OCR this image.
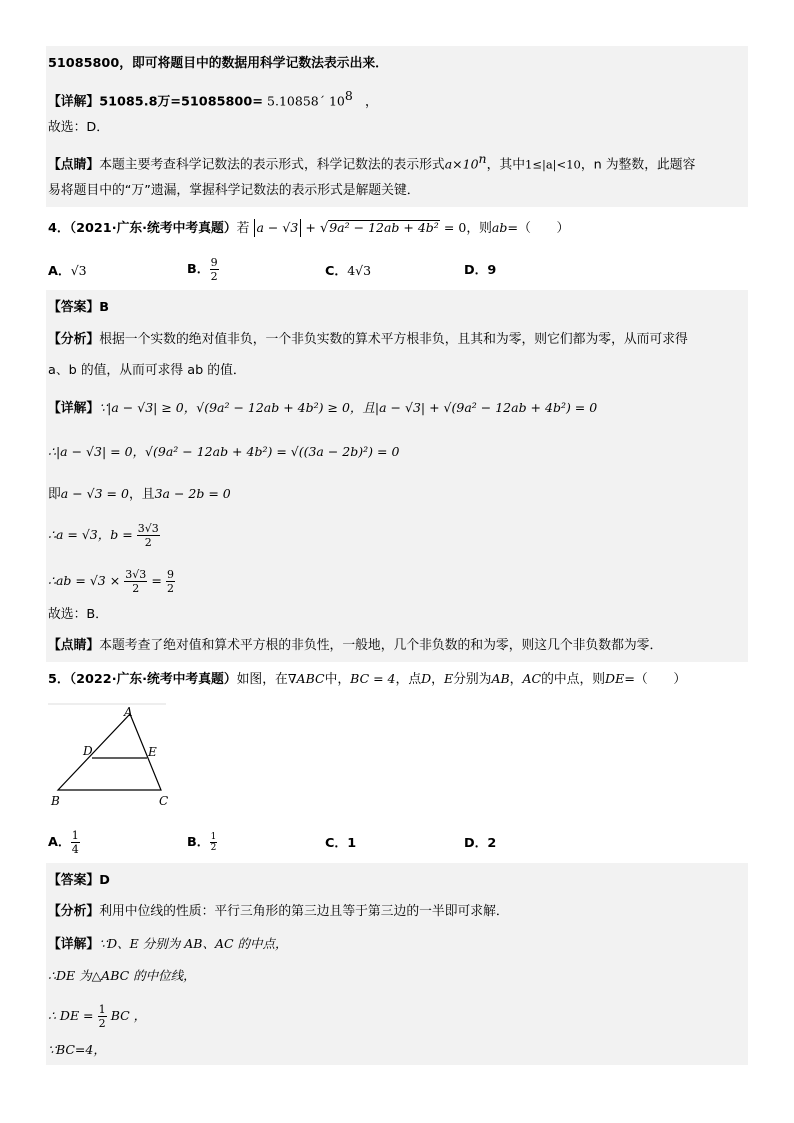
51085800，即可将题目中的数据用科学记数法表示出来．
【详解】51085.8万=51085800= 5.10858´ $10^8$ ，
故选：D．
【点睛】本题主要考查科学记数法的表示形式，科学记数法的表示形式$a\times 10^n$，其中1≤|a|<10，n 为整数，此题容
易将题目中的“万”遗漏，掌握科学记数法的表示形式是解题关键．
4．（2021·广东·统考中考真题）若 a − √3 + √9a² − 12ab + 4b² = 0，则ab=（　　）
A．√3	B． $\frac{9}{2}$	C．4√3	D．9
【答案】B
【分析】根据一个实数的绝对值非负，一个非负实数的算术平方根非负，且其和为零，则它们都为零，从而可求得
a、b 的值，从而可求得 ab 的值．
【详解】∵|a − √3| ≥ 0，√(9a² − 12ab + 4b²) ≥ 0，且|a − √3| + √(9a² − 12ab + 4b²) = 0
∴|a − √3| = 0，√(9a² − 12ab + 4b²) = √((3a − 2b)²) = 0
即a − √3 = 0，且3a − 2b = 0
∴a = √3，$b = \frac{3√3}{2}$
∴ab = $√3 \times \frac{3√3}{2} = \frac{9}{2}$
故选：B．
【点睛】本题考查了绝对值和算术平方根的非负性，一般地，几个非负数的和为零，则这几个非负数都为零．
5．（2022·广东·统考中考真题）如图，在∇ABC中，BC = 4，点D，E分别为AB，AC的中点，则DE=（　　）
A
D	E
B	C
A． $\frac{1}{4}$	B． $\frac{1}{2}$	C．1	D．2
【答案】D
【分析】利用中位线的性质：平行三角形的第三边且等于第三边的一半即可求解．
【详解】∵D、E 分别为 AB、AC 的中点，
∴DE 为△ABC 的中位线，
∴ DE = $\frac{1}{2}$ BC ，
∵BC=4，
